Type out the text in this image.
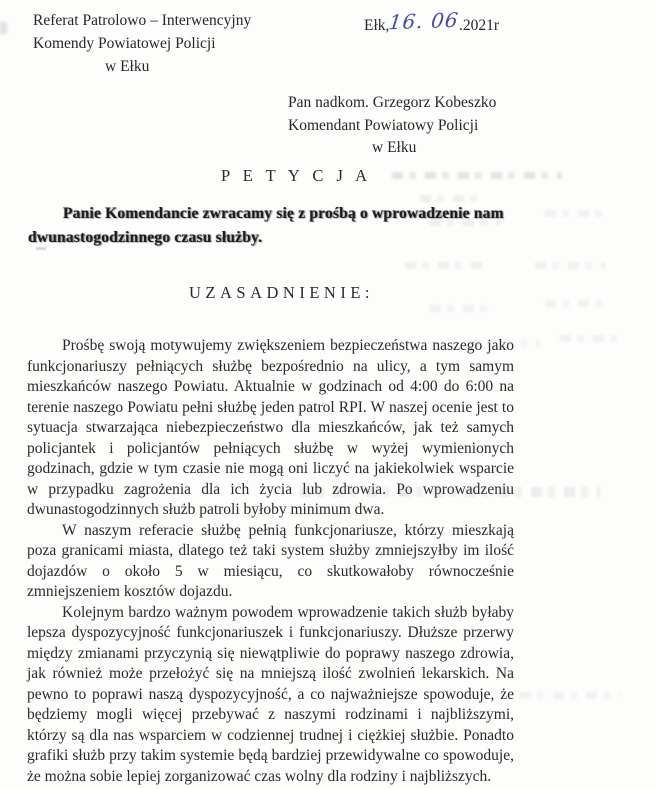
Referat Patrolowo – Interwencyjny
Komendy Powiatowej Policji
w Ełku
Ełk,16. 06.2021r
Pan nadkom. Grzegorz Kobeszko
Komendant Powiatowy Policji
w Ełku
P E T Y C J A
Panie Komendancie zwracamy się z prośbą o wprowadzenie nam
dwunastogodzinnego czasu służby.
UZASADNIENIE:

Prośbę swoją motywujemy zwiększeniem bezpieczeństwa naszego jako funkcjonariuszy pełniących służbę bezpośrednio na ulicy, a tym samym mieszkańców naszego Powiatu. Aktualnie w godzinach od 4:00 do 6:00 na terenie naszego Powiatu pełni służbę jeden patrol RPI. W naszej ocenie jest to sytuacja stwarzająca niebezpieczeństwo dla mieszkańców, jak też samych policjantek i policjantów pełniących służbę w wyżej wymienionych godzinach, gdzie w tym czasie nie mogą oni liczyć na jakiekolwiek wsparcie w przypadku zagrożenia dla ich życia lub zdrowia. Po wprowadzeniu dwunastogodzinnych służb patroli byłoby minimum dwa.

W naszym referacie służbę pełnią funkcjonariusze, którzy mieszkają poza granicami miasta, dlatego też taki system służby zmniejszyłby im ilość dojazdów o około 5 w miesiącu, co skutkowałoby równocześnie zmniejszeniem kosztów dojazdu.

Kolejnym bardzo ważnym powodem wprowadzenie takich służb byłaby lepsza dyspozycyjność funkcjonariuszek i funkcjonariuszy. Dłuższe przerwy między zmianami przyczynią się niewątpliwie do poprawy naszego zdrowia, jak również może przełożyć się na mniejszą ilość zwolnień lekarskich. Na pewno to poprawi naszą dyspozycyjność, a co najważniejsze spowoduje, że będziemy mogli więcej przebywać z naszymi rodzinami i najbliższymi, którzy są dla nas wsparciem w codziennej trudnej i ciężkiej służbie. Ponadto grafiki służb przy takim systemie będą bardziej przewidywalne co spowoduje, że można sobie lepiej zorganizować czas wolny dla rodziny i najbliższych.
